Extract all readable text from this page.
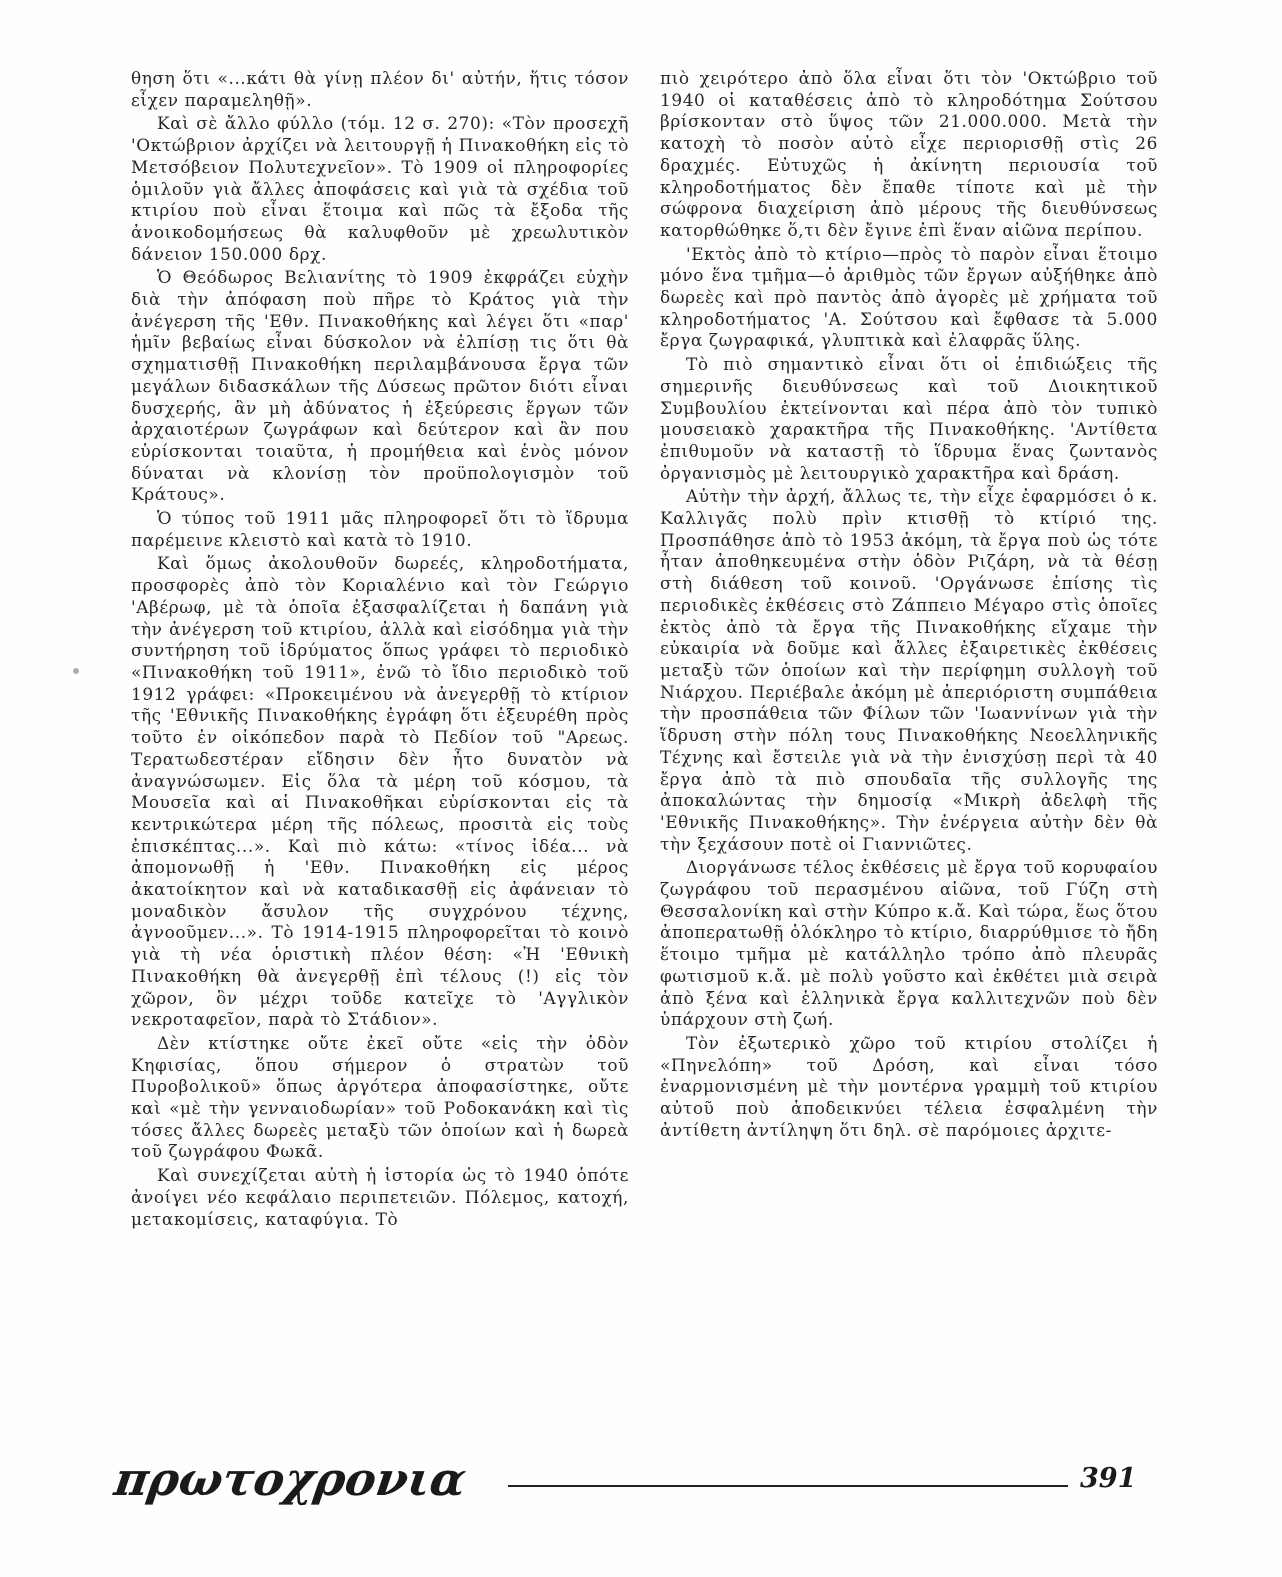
θηση ὅτι «...κάτι θὰ γίνῃ πλέον δι' αὐτήν, ἥτις τόσον εἶχεν παραμεληθῇ».

Καὶ σὲ ἄλλο φύλλο (τόμ. 12 σ. 270): «Τὸν προσεχῆ 'Οκτώβριον ἀρχίζει νὰ λειτουργῇ ἡ Πινακοθήκη εἰς τὸ Μετσόβειον Πολυτεχνεῖον». Τὸ 1909 οἱ πληροφορίες ὁμιλοῦν γιὰ ἄλλες ἀποφάσεις καὶ γιὰ τὰ σχέδια τοῦ κτιρίου ποὺ εἶναι ἕτοιμα καὶ πῶς τὰ ἔξοδα τῆς ἀνοικοδομήσεως θὰ καλυφθοῦν μὲ χρεωλυτικὸν δάνειον 150.000 δρχ.

Ὁ Θεόδωρος Βελιανίτης τὸ 1909 ἐκφράζει εὐχὴν διὰ τὴν ἀπόφαση ποὺ πῆρε τὸ Κράτος γιὰ τὴν ἀνέγερση τῆς 'Εθν. Πινακοθήκης καὶ λέγει ὅτι «παρ' ἡμῖν βεβαίως εἶναι δύσκολον νὰ ἐλπίσῃ τις ὅτι θὰ σχηματισθῇ Πινακοθήκη περιλαμβάνουσα ἔργα τῶν μεγάλων διδασκάλων τῆς Δύσεως πρῶτον διότι εἶναι δυσχερής, ἂν μὴ ἀδύνατος ἡ ἐξεύρεσις ἔργων τῶν ἀρχαιοτέρων ζωγράφων καὶ δεύτερον καὶ ἂν που εὑρίσκονται τοιαῦτα, ἡ προμήθεια καὶ ἑνὸς μόνον δύναται νὰ κλονίσῃ τὸν προϋπολογισμὸν τοῦ Κράτους».

Ὁ τύπος τοῦ 1911 μᾶς πληροφορεῖ ὅτι τὸ ἵδρυμα παρέμεινε κλειστὸ καὶ κατὰ τὸ 1910.

Καὶ ὅμως ἀκολουθοῦν δωρεές, κληροδοτήματα, προσφορὲς ἀπὸ τὸν Κοριαλένιο καὶ τὸν Γεώργιο 'Αβέρωφ, μὲ τὰ ὁποῖα ἐξασφαλίζεται ἡ δαπάνη γιὰ τὴν ἀνέγερση τοῦ κτιρίου, ἀλλὰ καὶ εἰσόδημα γιὰ τὴν συντήρηση τοῦ ἱδρύματος ὅπως γράφει τὸ περιοδικὸ «Πινακοθήκη τοῦ 1911», ἐνῶ τὸ ἴδιο περιοδικὸ τοῦ 1912 γράφει: «Προκειμένου νὰ ἀνεγερθῇ τὸ κτίριον τῆς 'Εθνικῆς Πινακοθήκης ἐγράφη ὅτι ἐξευρέθη πρὸς τοῦτο ἐν οἰκόπεδον παρὰ τὸ Πεδίον τοῦ "Αρεως. Τερατωδεστέραν εἴδησιν δὲν ἦτο δυνατὸν νὰ ἀναγνώσωμεν. Εἰς ὅλα τὰ μέρη τοῦ κόσμου, τὰ Μουσεῖα καὶ αἱ Πινακοθῆκαι εὑρίσκονται εἰς τὰ κεντρικώτερα μέρη τῆς πόλεως, προσιτὰ εἰς τοὺς ἐπισκέπτας...». Καὶ πιὸ κάτω: «τίνος ἰδέα... νὰ ἀπομονωθῇ ἡ 'Εθν. Πινακοθήκη εἰς μέρος ἀκατοίκητον καὶ νὰ καταδικασθῇ εἰς ἀφάνειαν τὸ μοναδικὸν ἄσυλον τῆς συγχρόνου τέχνης, ἀγνοοῦμεν...». Τὸ 1914-1915 πληροφορεῖται τὸ κοινὸ γιὰ τὴ νέα ὁριστικὴ πλέον θέση: «Ἡ 'Εθνικὴ Πινακοθήκη θὰ ἀνεγερθῇ ἐπὶ τέλους (!) εἰς τὸν χῶρον, ὃν μέχρι τοῦδε κατεῖχε τὸ 'Αγγλικὸν νεκροταφεῖον, παρὰ τὸ Στάδιον».

Δὲν κτίστηκε οὔτε ἐκεῖ οὔτε «εἰς τὴν ὁδὸν Κηφισίας, ὅπου σήμερον ὁ στρατὼν τοῦ Πυροβολικοῦ» ὅπως ἀργότερα ἀποφασίστηκε, οὔτε καὶ «μὲ τὴν γενναιοδωρίαν» τοῦ Ροδοκανάκη καὶ τὶς τόσες ἄλλες δωρεὲς μεταξὺ τῶν ὁποίων καὶ ἡ δωρεὰ τοῦ ζωγράφου Φωκᾶ.

Καὶ συνεχίζεται αὐτὴ ἡ ἱστορία ὡς τὸ 1940 ὁπότε ἀνοίγει νέο κεφάλαιο περιπετειῶν. Πόλεμος, κατοχή, μετακομίσεις, καταφύγια. Τὸ

πιὸ χειρότερο ἀπὸ ὅλα εἶναι ὅτι τὸν 'Οκτώβριο τοῦ 1940 οἱ καταθέσεις ἀπὸ τὸ κληροδότημα Σούτσου βρίσκονταν στὸ ὕψος τῶν 21.000.000. Μετὰ τὴν κατοχὴ τὸ ποσὸν αὐτὸ εἶχε περιορισθῇ στὶς 26 δραχμές. Εὐτυχῶς ἡ ἀκίνητη περιουσία τοῦ κληροδοτήματος δὲν ἔπαθε τίποτε καὶ μὲ τὴν σώφρονα διαχείριση ἀπὸ μέρους τῆς διευθύνσεως κατορθώθηκε ὅ,τι δὲν ἔγινε ἐπὶ ἕναν αἰῶνα περίπου.

'Εκτὸς ἀπὸ τὸ κτίριο—πρὸς τὸ παρὸν εἶναι ἕτοιμο μόνο ἕνα τμῆμα—ὁ ἀριθμὸς τῶν ἔργων αὐξήθηκε ἀπὸ δωρεὲς καὶ πρὸ παντὸς ἀπὸ ἀγορὲς μὲ χρήματα τοῦ κληροδοτήματος 'Α. Σούτσου καὶ ἔφθασε τὰ 5.000 ἔργα ζωγραφικά, γλυπτικὰ καὶ ἐλαφρᾶς ὕλης.

Τὸ πιὸ σημαντικὸ εἶναι ὅτι οἱ ἐπιδιώξεις τῆς σημερινῆς διευθύνσεως καὶ τοῦ Διοικητικοῦ Συμβουλίου ἐκτείνονται καὶ πέρα ἀπὸ τὸν τυπικὸ μουσειακὸ χαρακτῆρα τῆς Πινακοθήκης. 'Αντίθετα ἐπιθυμοῦν νὰ καταστῇ τὸ ἵδρυμα ἕνας ζωντανὸς ὀργανισμὸς μὲ λειτουργικὸ χαρακτῆρα καὶ δράση.

Αὐτὴν τὴν ἀρχή, ἄλλως τε, τὴν εἶχε ἐφαρμόσει ὁ κ. Καλλιγᾶς πολὺ πρὶν κτισθῇ τὸ κτίριό της. Προσπάθησε ἀπὸ τὸ 1953 ἀκόμη, τὰ ἔργα ποὺ ὡς τότε ἦταν ἀποθηκευμένα στὴν ὁδὸν Ριζάρη, νὰ τὰ θέσῃ στὴ διάθεση τοῦ κοινοῦ. 'Οργάνωσε ἐπίσης τὶς περιοδικὲς ἐκθέσεις στὸ Ζάππειο Μέγαρο στὶς ὁποῖες ἐκτὸς ἀπὸ τὰ ἔργα τῆς Πινακοθήκης εἴχαμε τὴν εὐκαιρία νὰ δοῦμε καὶ ἄλλες ἐξαιρετικὲς ἐκθέσεις μεταξὺ τῶν ὁποίων καὶ τὴν περίφημη συλλογὴ τοῦ Νιάρχου. Περιέβαλε ἀκόμη μὲ ἀπεριόριστη συμπάθεια τὴν προσπάθεια τῶν Φίλων τῶν 'Ιωαννίνων γιὰ τὴν ἵδρυση στὴν πόλη τους Πινακοθήκης Νεοελληνικῆς Τέχνης καὶ ἔστειλε γιὰ νὰ τὴν ἐνισχύσῃ περὶ τὰ 40 ἔργα ἀπὸ τὰ πιὸ σπουδαῖα τῆς συλλογῆς της ἀποκαλώντας τὴν δημοσίᾳ «Μικρὴ ἀδελφὴ τῆς 'Εθνικῆς Πινακοθήκης». Τὴν ἐνέργεια αὐτὴν δὲν θὰ τὴν ξεχάσουν ποτὲ οἱ Γιαννιῶτες.

Διοργάνωσε τέλος ἐκθέσεις μὲ ἔργα τοῦ κορυφαίου ζωγράφου τοῦ περασμένου αἰῶνα, τοῦ Γύζη στὴ Θεσσαλονίκη καὶ στὴν Κύπρο κ.ἄ. Καὶ τώρα, ἕως ὅτου ἀποπερατωθῇ ὁλόκληρο τὸ κτίριο, διαρρύθμισε τὸ ἤδη ἕτοιμο τμῆμα μὲ κατάλληλο τρόπο ἀπὸ πλευρᾶς φωτισμοῦ κ.ἄ. μὲ πολὺ γοῦστο καὶ ἐκθέτει μιὰ σειρὰ ἀπὸ ξένα καὶ ἑλληνικὰ ἔργα καλλιτεχνῶν ποὺ δὲν ὑπάρχουν στὴ ζωή.

Τὸν ἐξωτερικὸ χῶρο τοῦ κτιρίου στολίζει ἡ «Πηνελόπη» τοῦ Δρόση, καὶ εἶναι τόσο ἐναρμονισμένη μὲ τὴν μοντέρνα γραμμὴ τοῦ κτιρίου αὐτοῦ ποὺ ἀποδεικνύει τέλεια ἐσφαλμένη τὴν ἀντίθετη ἀντίληψη ὅτι δηλ. σὲ παρόμοιες ἀρχιτε-

πρωτοχρονια	391
